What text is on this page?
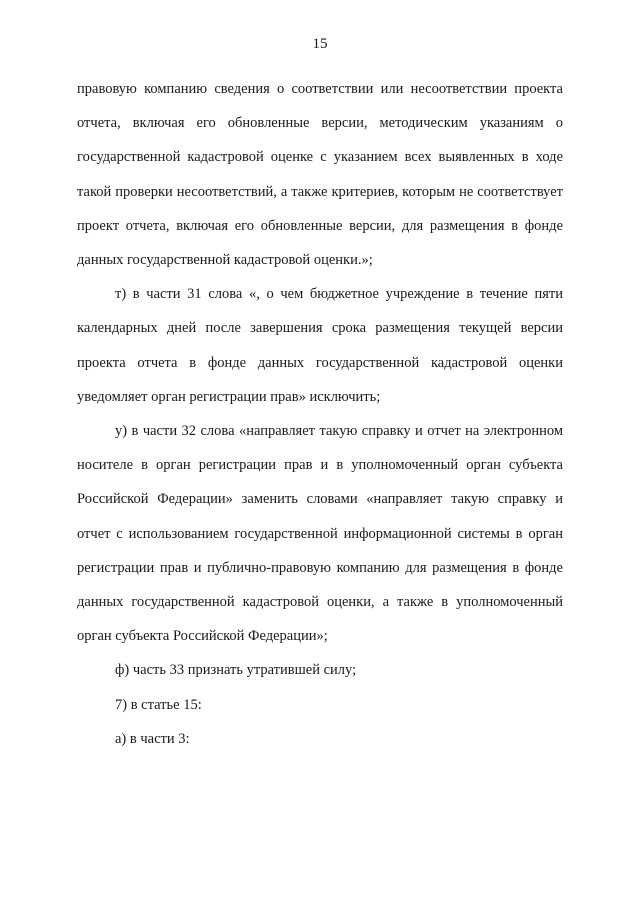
15

правовую компанию сведения о соответствии или несоответствии проекта отчета, включая его обновленные версии, методическим указаниям о государственной кадастровой оценке с указанием всех выявленных в ходе такой проверки несоответствий, а также критериев, которым не соответствует проект отчета, включая его обновленные версии, для размещения в фонде данных государственной кадастровой оценки.»;

т) в части 31 слова «, о чем бюджетное учреждение в течение пяти календарных дней после завершения срока размещения текущей версии проекта отчета в фонде данных государственной кадастровой оценки уведомляет орган регистрации прав» исключить;

у) в части 32 слова «направляет такую справку и отчет на электронном носителе в орган регистрации прав и в уполномоченный орган субъекта Российской Федерации» заменить словами «направляет такую справку и отчет с использованием государственной информационной системы в орган регистрации прав и публично-правовую компанию для размещения в фонде данных государственной кадастровой оценки, а также в уполномоченный орган субъекта Российской Федерации»;

ф) часть 33 признать утратившей силу;

7) в статье 15:

а) в части 3:
